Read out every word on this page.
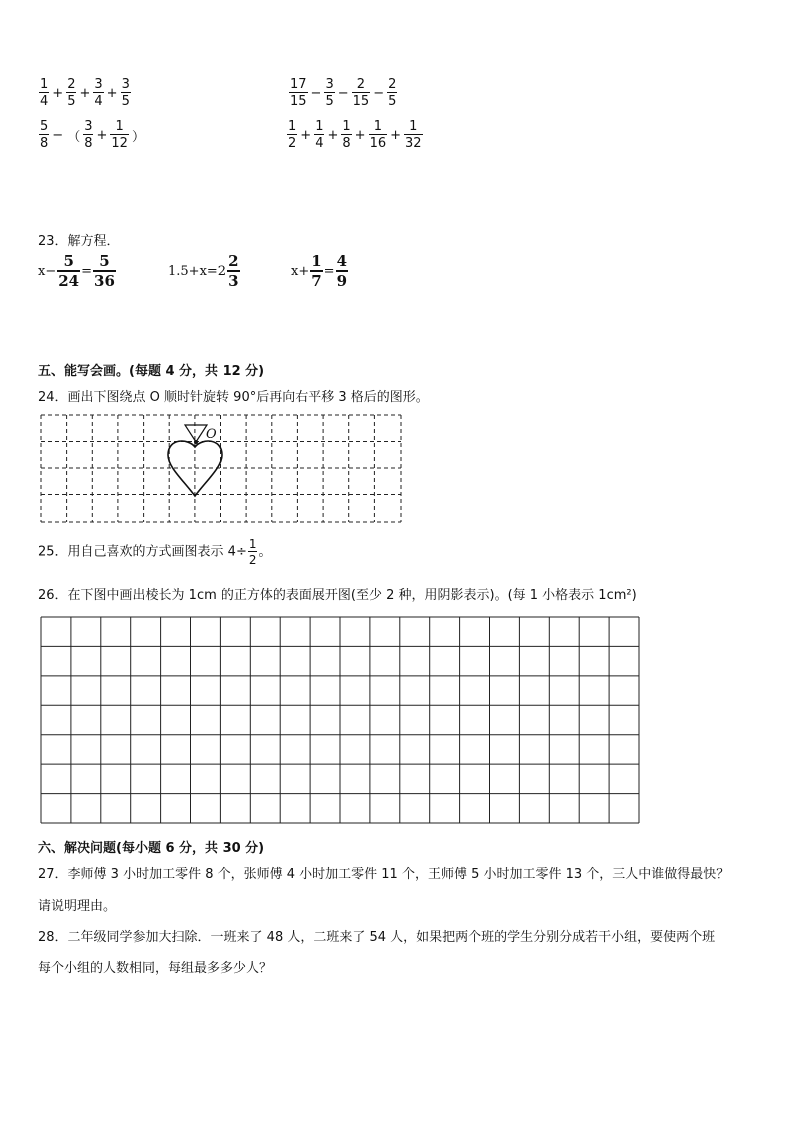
$\frac{1}{4} + \frac{2}{5} + \frac{3}{4} + \frac{3}{5}$	$\frac{17}{15} - \frac{3}{5} - \frac{2}{15} - \frac{2}{5}$
$\frac{5}{8}$ − （ $\frac{3}{8} + \frac{1}{12}$ ）	$\frac{1}{2} + \frac{1}{4} + \frac{1}{8} + \frac{1}{16} + \frac{1}{32}$
23．解方程．
$x- \frac{5}{24} = \frac{5}{36}$	$1.5+x=2 \frac{2}{3}$	$x+ \frac{1}{7} = \frac{4}{9}$
五、能写会画。(每题 4 分，共 12 分)
24．画出下图绕点 O 顺时针旋转 90°后再向右平移 3 格后的图形。
O
25．用自己喜欢的方式画图表示 $4\div \frac{1}{2}$ 。
26．在下图中画出棱长为 1cm 的正方体的表面展开图(至少 2 种，用阴影表示)。(每 1 小格表示 1cm²)
六、解决问题(每小题 6 分，共 30 分)
27．李师傅 3 小时加工零件 8 个，张师傅 4 小时加工零件 11 个，王师傅 5 小时加工零件 13 个，三人中谁做得最快？
请说明理由。
28．二年级同学参加大扫除．一班来了 48 人，二班来了 54 人，如果把两个班的学生分别分成若干小组，要使两个班
每个小组的人数相同，每组最多多少人？
